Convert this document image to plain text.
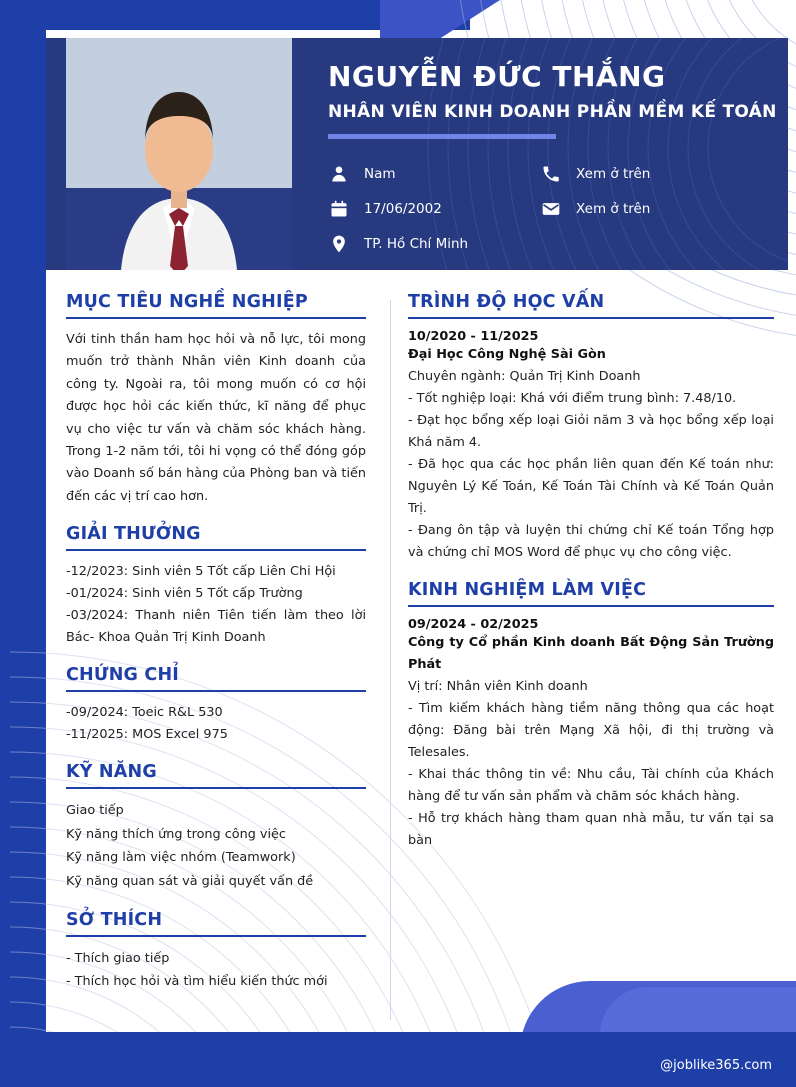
NGUYỄN ĐỨC THẮNG
NHÂN VIÊN KINH DOANH PHẦN MỀM KẾ TOÁN
Nam
17/06/2002
TP. Hồ Chí Minh
Xem ở trên
Xem ở trên
MỤC TIÊU NGHỀ NGHIỆP

Với tinh thần ham học hỏi và nỗ lực, tôi mong muốn trở thành Nhân viên Kinh doanh của công ty. Ngoài ra, tôi mong muốn có cơ hội được học hỏi các kiến thức, kĩ năng để phục vụ cho việc tư vấn và chăm sóc khách hàng. Trong 1-2 năm tới, tôi hi vọng có thể đóng góp vào Doanh số bán hàng của Phòng ban và tiến đến các vị trí cao hơn.

GIẢI THƯỞNG

-12/2023: Sinh viên 5 Tốt cấp Liên Chi Hội

-01/2024: Sinh viên 5 Tốt cấp Trường

-03/2024: Thanh niên Tiên tiến làm theo lời Bác- Khoa Quản Trị Kinh Doanh

CHỨNG CHỈ

-09/2024: Toeic R&L 530

-11/2025: MOS Excel 975

KỸ NĂNG

Giao tiếp

Kỹ năng thích ứng trong công việc

Kỹ năng làm việc nhóm (Teamwork)

Kỹ năng quan sát và giải quyết vấn đề

SỞ THÍCH

- Thích giao tiếp

- Thích học hỏi và tìm hiểu kiến thức mới

TRÌNH ĐỘ HỌC VẤN

10/2020 - 11/2025

Đại Học Công Nghệ Sài Gòn

Chuyên ngành: Quản Trị Kinh Doanh

- Tốt nghiệp loại: Khá với điểm trung bình: 7.48/10.

- Đạt học bổng xếp loại Giỏi năm 3 và học bổng xếp loại Khá năm 4.

- Đã học qua các học phần liên quan đến Kế toán như: Nguyên Lý Kế Toán, Kế Toán Tài Chính và Kế Toán Quản Trị.

- Đang ôn tập và luyện thi chứng chỉ Kế toán Tổng hợp và chứng chỉ MOS Word để phục vụ cho công việc.

KINH NGHIỆM LÀM VIỆC

09/2024 - 02/2025

Công ty Cổ phần Kinh doanh Bất Động Sản Trường Phát

Vị trí: Nhân viên Kinh doanh

- Tìm kiếm khách hàng tiềm năng thông qua các hoạt động: Đăng bài trên Mạng Xã hội, đi thị trường và Telesales.

- Khai thác thông tin về: Nhu cầu, Tài chính của Khách hàng để tư vấn sản phẩm và chăm sóc khách hàng.

- Hỗ trợ khách hàng tham quan nhà mẫu, tư vấn tại sa bàn

@joblike365.com
